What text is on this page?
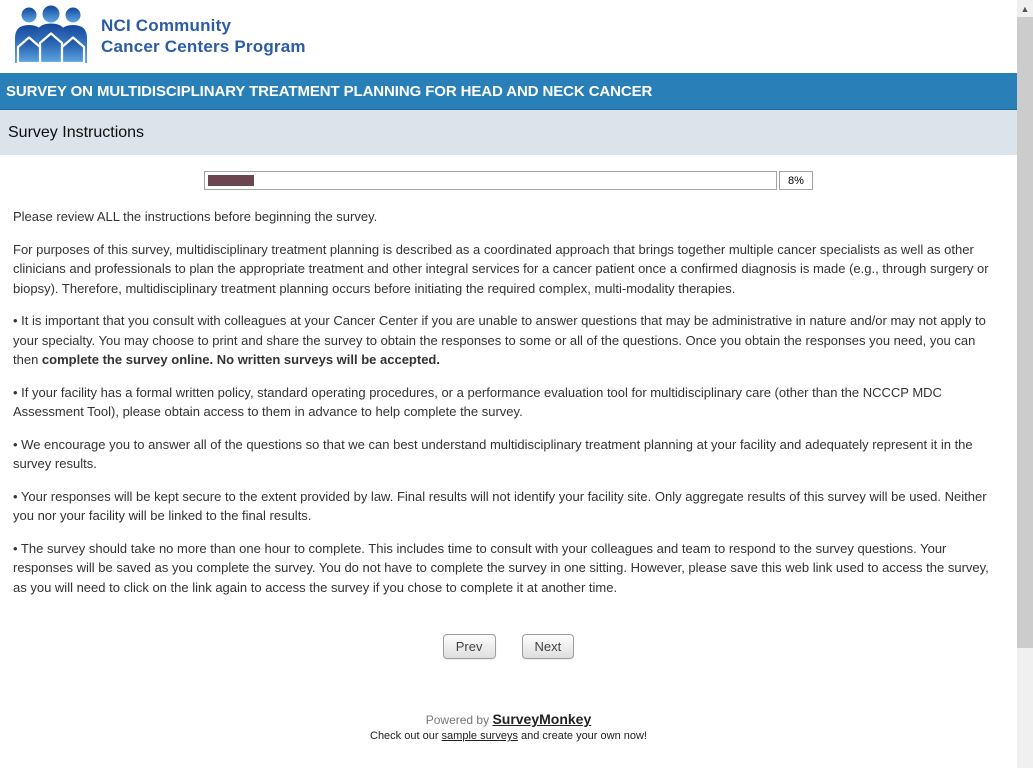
NCI Community
Cancer Centers Program
SURVEY ON MULTIDISCIPLINARY TREATMENT PLANNING FOR HEAD AND NECK CANCER
Survey Instructions
8%

Please review ALL the instructions before beginning the survey.

For purposes of this survey, multidisciplinary treatment planning is described as a coordinated approach that brings together multiple cancer specialists as well as other clinicians and professionals to plan the appropriate treatment and other integral services for a cancer patient once a confirmed diagnosis is made (e.g., through surgery or biopsy). Therefore, multidisciplinary treatment planning occurs before initiating the required complex, multi-modality therapies.

• It is important that you consult with colleagues at your Cancer Center if you are unable to answer questions that may be administrative in nature and/or may not apply to your specialty. You may choose to print and share the survey to obtain the responses to some or all of the questions. Once you obtain the responses you need, you can then complete the survey online. No written surveys will be accepted.

• If your facility has a formal written policy, standard operating procedures, or a performance evaluation tool for multidisciplinary care (other than the NCCCP MDC Assessment Tool), please obtain access to them in advance to help complete the survey.

• We encourage you to answer all of the questions so that we can best understand multidisciplinary treatment planning at your facility and adequately represent it in the survey results.

• Your responses will be kept secure to the extent provided by law. Final results will not identify your facility site. Only aggregate results of this survey will be used. Neither you nor your facility will be linked to the final results.

• The survey should take no more than one hour to complete. This includes time to consult with your colleagues and team to respond to the survey questions. Your responses will be saved as you complete the survey. You do not have to complete the survey in one sitting. However, please save this web link used to access the survey, as you will need to click on the link again to access the survey if you chose to complete it at another time.

Prev	Next
Powered by SurveyMonkey
Check out our sample surveys and create your own now!
▲
